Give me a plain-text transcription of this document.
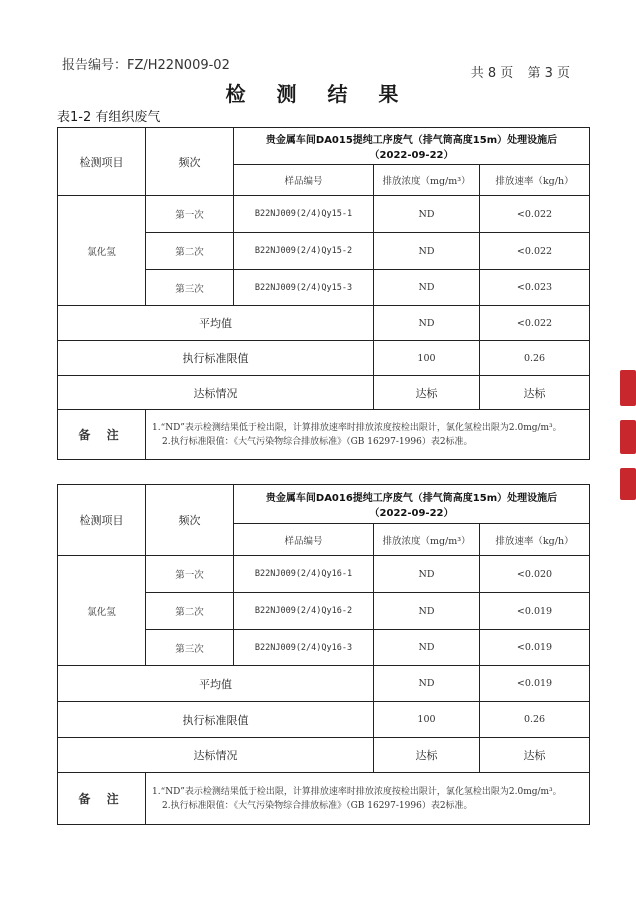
报告编号：FZ/H22N009-02
共 8 页 第 3 页
检 测 结 果
表1-2 有组织废气
检测项目	频次	贵金属车间DA015提纯工序废气（排气筒高度15m）处理设施后
（2022-09-22）		

		样品编号	排放浓度（mg/m³）	排放速率（kg/h）
氯化氢	第一次	B22NJ009(2/4)Qy15-1	ND	<0.022
	第二次	B22NJ009(2/4)Qy15-2	ND	<0.022
	第三次	B22NJ009(2/4)Qy15-3	ND	<0.023
平均值			ND	<0.022
执行标准限值			100	0.26
达标情况			达标	达标
备 注	1.“ND”表示检测结果低于检出限，计算排放速率时排放浓度按检出限计，氯化氢检出限为2.0mg/m³。

2.执行标准限值：《大气污染物综合排放标准》（GB 16297-1996）表2标准。			

检测项目	频次	贵金属车间DA016提纯工序废气（排气筒高度15m）处理设施后
（2022-09-22）		

		样品编号	排放浓度（mg/m³）	排放速率（kg/h）
氯化氢	第一次	B22NJ009(2/4)Qy16-1	ND	<0.020
	第二次	B22NJ009(2/4)Qy16-2	ND	<0.019
	第三次	B22NJ009(2/4)Qy16-3	ND	<0.019
平均值			ND	<0.019
执行标准限值			100	0.26
达标情况			达标	达标
备 注	1.“ND”表示检测结果低于检出限，计算排放速率时排放浓度按检出限计，氯化氢检出限为2.0mg/m³。

2.执行标准限值：《大气污染物综合排放标准》（GB 16297-1996）表2标准。			
